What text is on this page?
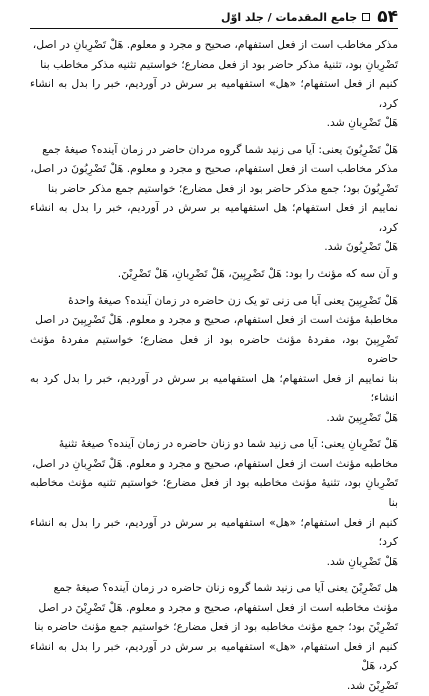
۵۴
جامع المقدمات / جلد اوّل

مذکر مخاطب است از فعل استفهام، صحیح و مجرد و معلوم. هَلْ تَضْرِبانِ در اصل،

تَضْرِبانِ بود، تثنیهٔ مذکر حاضر بود از فعل مضارع؛ خواستیم تثنیه مذکر مخاطب بنا

کنیم از فعل استفهام؛ «هل» استفهامیه بر سرش در آوردیم، خبر را بدل به انشاء کرد،

هَلْ تَضْرِبانِ شد.

هَلْ تَضْرِبُونَ یعنی: آیا می زنید شما گروه مردان حاضر در زمان آینده؟ صیغهٔ جمع

مذکر مخاطب است از فعل استفهام، صحیح و مجرد و معلوم. هَلْ تَضْرِبُونَ در اصل،

تَضْرِبُونَ بود؛ جمع مذکر حاضر بود از فعل مضارع؛ خواستیم جمع مذکر حاضر بنا

نماییم از فعل استفهام؛ هل استفهامیه بر سرش در آوردیم، خبر را بدل به انشاء کرد،

هَلْ تَضْرِبُونَ شد.

و آن سه که مؤنث را بود: هَلْ تَضْرِبِینَ، هَلْ تَضْرِبانِ، هَلْ تَضْرِبْنَ.

هَلْ تَضْرِبِینَ یعنی آیا می زنی تو یک زن حاضره در زمان آینده؟ صیغهٔ واحدهٔ

مخاطبهٔ مؤنث است از فعل استفهام، صحیح و مجرد و معلوم. هَلْ تَضْرِبِینَ در اصل

تَضْرِبِینَ بود، مفردهٔ مؤنث حاضره بود از فعل مضارع؛ خواستیم مفردهٔ مؤنث حاضره

بنا نماییم از فعل استفهام؛ هل استفهامیه بر سرش در آوردیم، خبر را بدل کرد به انشاء؛

هَلْ تَضْرِبِینَ شد.

هَلْ تَضْرِبانِ یعنی: آیا می زنید شما دو زنان حاضره در زمان آینده؟ صیغهٔ تثنیهٔ

مخاطبه مؤنث است از فعل استفهام، صحیح و مجرد و معلوم. هَلْ تَضْرِبانِ در اصل،

تَضْرِبانِ بود، تثنیهٔ مؤنث مخاطبه بود از فعل مضارع؛ خواستیم تثنیه مؤنث مخاطبه بنا

کنیم از فعل استفهام؛ «هل» استفهامیه بر سرش در آوردیم، خبر را بدل به انشاء کرد؛

هَلْ تَضْرِبانِ شد.

هل تَضْرِبْنَ یعنی آیا می زنید شما گروه زنان حاضره در زمان آینده؟ صیغهٔ جمع

مؤنث مخاطبه است از فعل استفهام، صحیح و مجرد و معلوم. هَلْ تَضْرِبْنَ در اصل

تَضْرِبْنَ بود؛ جمع مؤنث مخاطبه بود از فعل مضارع؛ خواستیم جمع مؤنث حاضره بنا

کنیم از فعل استفهام، «هل» استفهامیه بر سرش در آوردیم، خبر را بدل به انشاء کرد، هَلْ

تَضْرِبْنَ شد.
